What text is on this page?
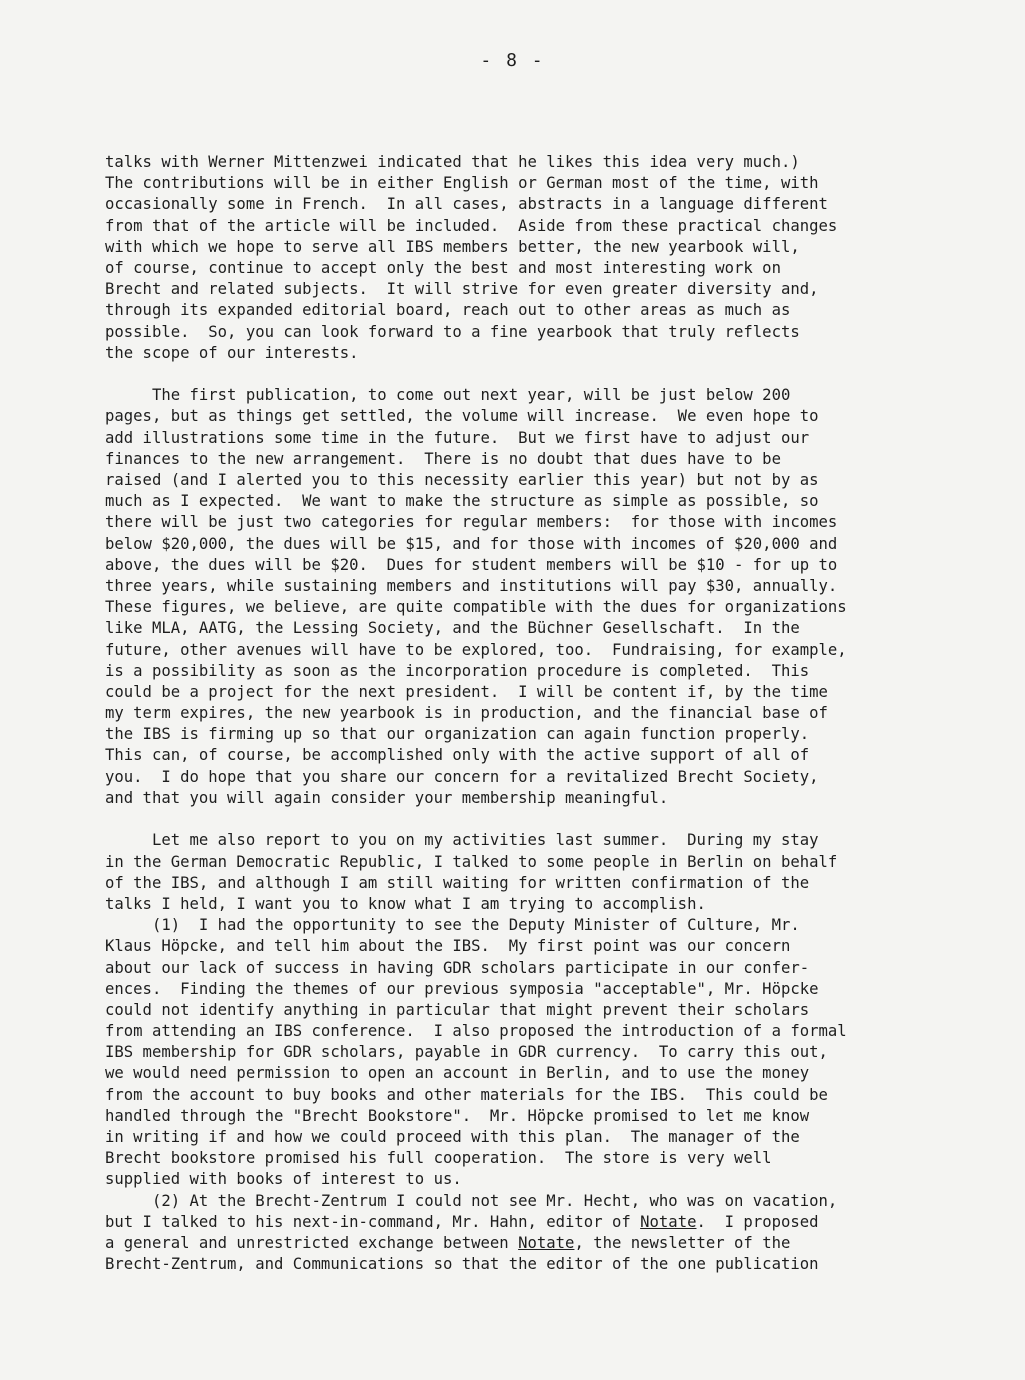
- 8 -
talks with Werner Mittenzwei indicated that he likes this idea very much.)
The contributions will be in either English or German most of the time, with
occasionally some in French.  In all cases, abstracts in a language different
from that of the article will be included.  Aside from these practical changes
with which we hope to serve all IBS members better, the new yearbook will,
of course, continue to accept only the best and most interesting work on
Brecht and related subjects.  It will strive for even greater diversity and,
through its expanded editorial board, reach out to other areas as much as
possible.  So, you can look forward to a fine yearbook that truly reflects
the scope of our interests.
The first publication, to come out next year, will be just below 200
pages, but as things get settled, the volume will increase.  We even hope to
add illustrations some time in the future.  But we first have to adjust our
finances to the new arrangement.  There is no doubt that dues have to be
raised (and I alerted you to this necessity earlier this year) but not by as
much as I expected.  We want to make the structure as simple as possible, so
there will be just two categories for regular members:  for those with incomes
below $20,000, the dues will be $15, and for those with incomes of $20,000 and
above, the dues will be $20.  Dues for student members will be $10 - for up to
three years, while sustaining members and institutions will pay $30, annually.
These figures, we believe, are quite compatible with the dues for organizations
like MLA, AATG, the Lessing Society, and the Büchner Gesellschaft.  In the
future, other avenues will have to be explored, too.  Fundraising, for example,
is a possibility as soon as the incorporation procedure is completed.  This
could be a project for the next president.  I will be content if, by the time
my term expires, the new yearbook is in production, and the financial base of
the IBS is firming up so that our organization can again function properly.
This can, of course, be accomplished only with the active support of all of
you.  I do hope that you share our concern for a revitalized Brecht Society,
and that you will again consider your membership meaningful.
Let me also report to you on my activities last summer.  During my stay
in the German Democratic Republic, I talked to some people in Berlin on behalf
of the IBS, and although I am still waiting for written confirmation of the
talks I held, I want you to know what I am trying to accomplish.
(1)  I had the opportunity to see the Deputy Minister of Culture, Mr.
Klaus Höpcke, and tell him about the IBS.  My first point was our concern
about our lack of success in having GDR scholars participate in our confer-
ences.  Finding the themes of our previous symposia "acceptable", Mr. Höpcke
could not identify anything in particular that might prevent their scholars
from attending an IBS conference.  I also proposed the introduction of a formal
IBS membership for GDR scholars, payable in GDR currency.  To carry this out,
we would need permission to open an account in Berlin, and to use the money
from the account to buy books and other materials for the IBS.  This could be
handled through the "Brecht Bookstore".  Mr. Höpcke promised to let me know
in writing if and how we could proceed with this plan.  The manager of the
Brecht bookstore promised his full cooperation.  The store is very well
supplied with books of interest to us.
(2) At the Brecht-Zentrum I could not see Mr. Hecht, who was on vacation,
but I talked to his next-in-command, Mr. Hahn, editor of Notate.  I proposed
a general and unrestricted exchange between Notate, the newsletter of the
Brecht-Zentrum, and Communications so that the editor of the one publication
